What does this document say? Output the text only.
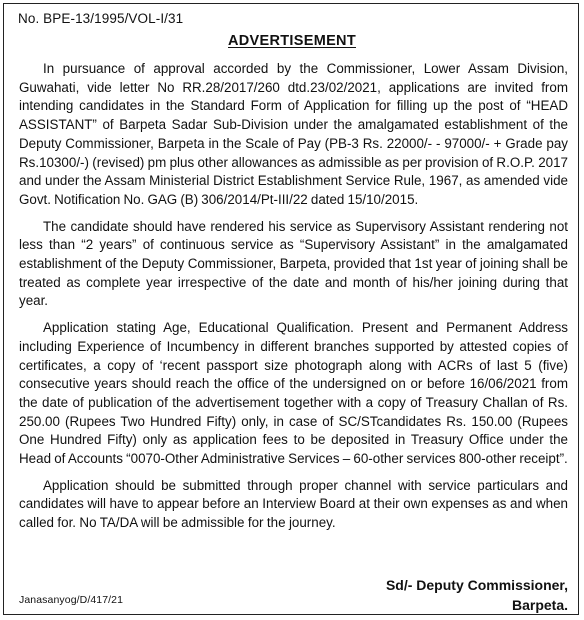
No. BPE-13/1995/VOL-I/31
ADVERTISEMENT

In pursuance of approval accorded by the Commissioner, Lower Assam Division, Guwahati, vide letter No RR.28/2017/260 dtd.23/02/2021, applications are invited from intending candidates in the Standard Form of Application for filling up the post of “HEAD ASSISTANT” of Barpeta Sadar Sub-Division under the amalgamated establishment of the Deputy Commissioner, Barpeta in the Scale of Pay (PB-3 Rs. 22000/- - 97000/- + Grade pay Rs.10300/-) (revised) pm plus other allowances as admissible as per provision of R.O.P. 2017 and under the Assam Ministerial District Establishment Service Rule, 1967, as amended vide Govt. Notification No. GAG (B) 306/2014/Pt-III/22 dated 15/10/2015.

The candidate should have rendered his service as Supervisory Assistant rendering not less than “2 years” of continuous service as “Supervisory Assistant” in the amalgamated establishment of the Deputy Commissioner, Barpeta, provided that 1st year of joining shall be treated as complete year irrespective of the date and month of his/her joining during that year.

Application stating Age, Educational Qualification. Present and Permanent Address including Experience of Incumbency in different branches supported by attested copies of certificates, a copy of ‘recent passport size photograph along with ACRs of last 5 (five) consecutive years should reach the office of the undersigned on or before 16/06/2021 from the date of publication of the advertisement together with a copy of Treasury Challan of Rs. 250.00 (Rupees Two Hundred Fifty) only, in case of SC/STcandidates Rs. 150.00 (Rupees One Hundred Fifty) only as application fees to be deposited in Treasury Office under the Head of Accounts “0070-Other Administrative Services – 60-other services 800-other receipt”.

Application should be submitted through proper channel with service particulars and candidates will have to appear before an Interview Board at their own expenses as and when called for. No TA/DA will be admissible for the journey.

Sd/- Deputy Commissioner,
Barpeta.
Janasanyog/D/417/21
